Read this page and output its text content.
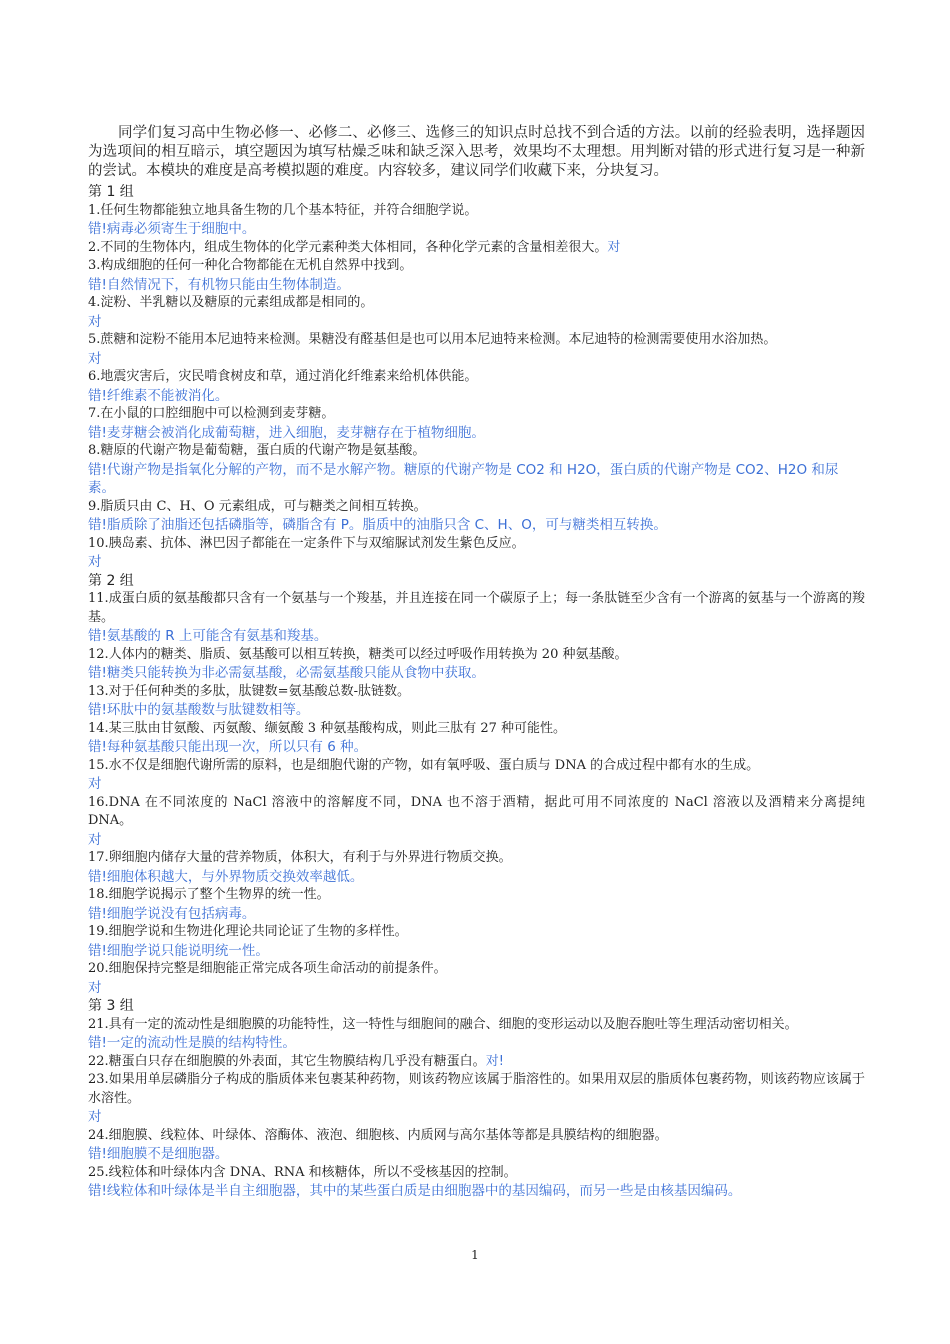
同学们复习高中生物必修一、必修二、必修三、选修三的知识点时总找不到合适的方法。以前的经验表明，选择题因为选项间的相互暗示，填空题因为填写枯燥乏味和缺乏深入思考，效果均不太理想。用判断对错的形式进行复习是一种新的尝试。本模块的难度是高考模拟题的难度。内容较多，建议同学们收藏下来，分块复习。

第 1 组

1.任何生物都能独立地具备生物的几个基本特征，并符合细胞学说。

错!病毒必须寄生于细胞中。

2.不同的生物体内，组成生物体的化学元素种类大体相同，各种化学元素的含量相差很大。对

3.构成细胞的任何一种化合物都能在无机自然界中找到。

错!自然情况下，有机物只能由生物体制造。

4.淀粉、半乳糖以及糖原的元素组成都是相同的。

对

5.蔗糖和淀粉不能用本尼迪特来检测。果糖没有醛基但是也可以用本尼迪特来检测。本尼迪特的检测需要使用水浴加热。

对

6.地震灾害后，灾民啃食树皮和草，通过消化纤维素来给机体供能。

错!纤维素不能被消化。

7.在小鼠的口腔细胞中可以检测到麦芽糖。

错!麦芽糖会被消化成葡萄糖，进入细胞，麦芽糖存在于植物细胞。

8.糖原的代谢产物是葡萄糖，蛋白质的代谢产物是氨基酸。

错!代谢产物是指氧化分解的产物，而不是水解产物。糖原的代谢产物是 CO2 和 H2O，蛋白质的代谢产物是 CO2、H2O 和尿素。

9.脂质只由 C、H、O 元素组成，可与糖类之间相互转换。

错!脂质除了油脂还包括磷脂等，磷脂含有 P。脂质中的油脂只含 C、H、O，可与糖类相互转换。

10.胰岛素、抗体、淋巴因子都能在一定条件下与双缩脲试剂发生紫色反应。

对

第 2 组

11.成蛋白质的氨基酸都只含有一个氨基与一个羧基，并且连接在同一个碳原子上；每一条肽链至少含有一个游离的氨基与一个游离的羧基。

错!氨基酸的 R 上可能含有氨基和羧基。

12.人体内的糖类、脂质、氨基酸可以相互转换，糖类可以经过呼吸作用转换为 20 种氨基酸。

错!糖类只能转换为非必需氨基酸，必需氨基酸只能从食物中获取。

13.对于任何种类的多肽，肽键数=氨基酸总数-肽链数。

错!环肽中的氨基酸数与肽键数相等。

14.某三肽由甘氨酸、丙氨酸、缬氨酸 3 种氨基酸构成，则此三肽有 27 种可能性。

错!每种氨基酸只能出现一次，所以只有 6 种。

15.水不仅是细胞代谢所需的原料，也是细胞代谢的产物，如有氧呼吸、蛋白质与 DNA 的合成过程中都有水的生成。

对

16.DNA 在不同浓度的 NaCl 溶液中的溶解度不同，DNA 也不溶于酒精，据此可用不同浓度的 NaCl 溶液以及酒精来分离提纯 DNA。

对

17.卵细胞内储存大量的营养物质，体积大，有利于与外界进行物质交换。

错!细胞体积越大，与外界物质交换效率越低。

18.细胞学说揭示了整个生物界的统一性。

错!细胞学说没有包括病毒。

19.细胞学说和生物进化理论共同论证了生物的多样性。

错!细胞学说只能说明统一性。

20.细胞保持完整是细胞能正常完成各项生命活动的前提条件。

对

第 3 组

21.具有一定的流动性是细胞膜的功能特性，这一特性与细胞间的融合、细胞的变形运动以及胞吞胞吐等生理活动密切相关。

错!一定的流动性是膜的结构特性。

22.糖蛋白只存在细胞膜的外表面，其它生物膜结构几乎没有糖蛋白。对!

23.如果用单层磷脂分子构成的脂质体来包裹某种药物，则该药物应该属于脂溶性的。如果用双层的脂质体包裹药物，则该药物应该属于水溶性。

对

24.细胞膜、线粒体、叶绿体、溶酶体、液泡、细胞核、内质网与高尔基体等都是具膜结构的细胞器。

错!细胞膜不是细胞器。

25.线粒体和叶绿体内含 DNA、RNA 和核糖体，所以不受核基因的控制。

错!线粒体和叶绿体是半自主细胞器，其中的某些蛋白质是由细胞器中的基因编码，而另一些是由核基因编码。

1
